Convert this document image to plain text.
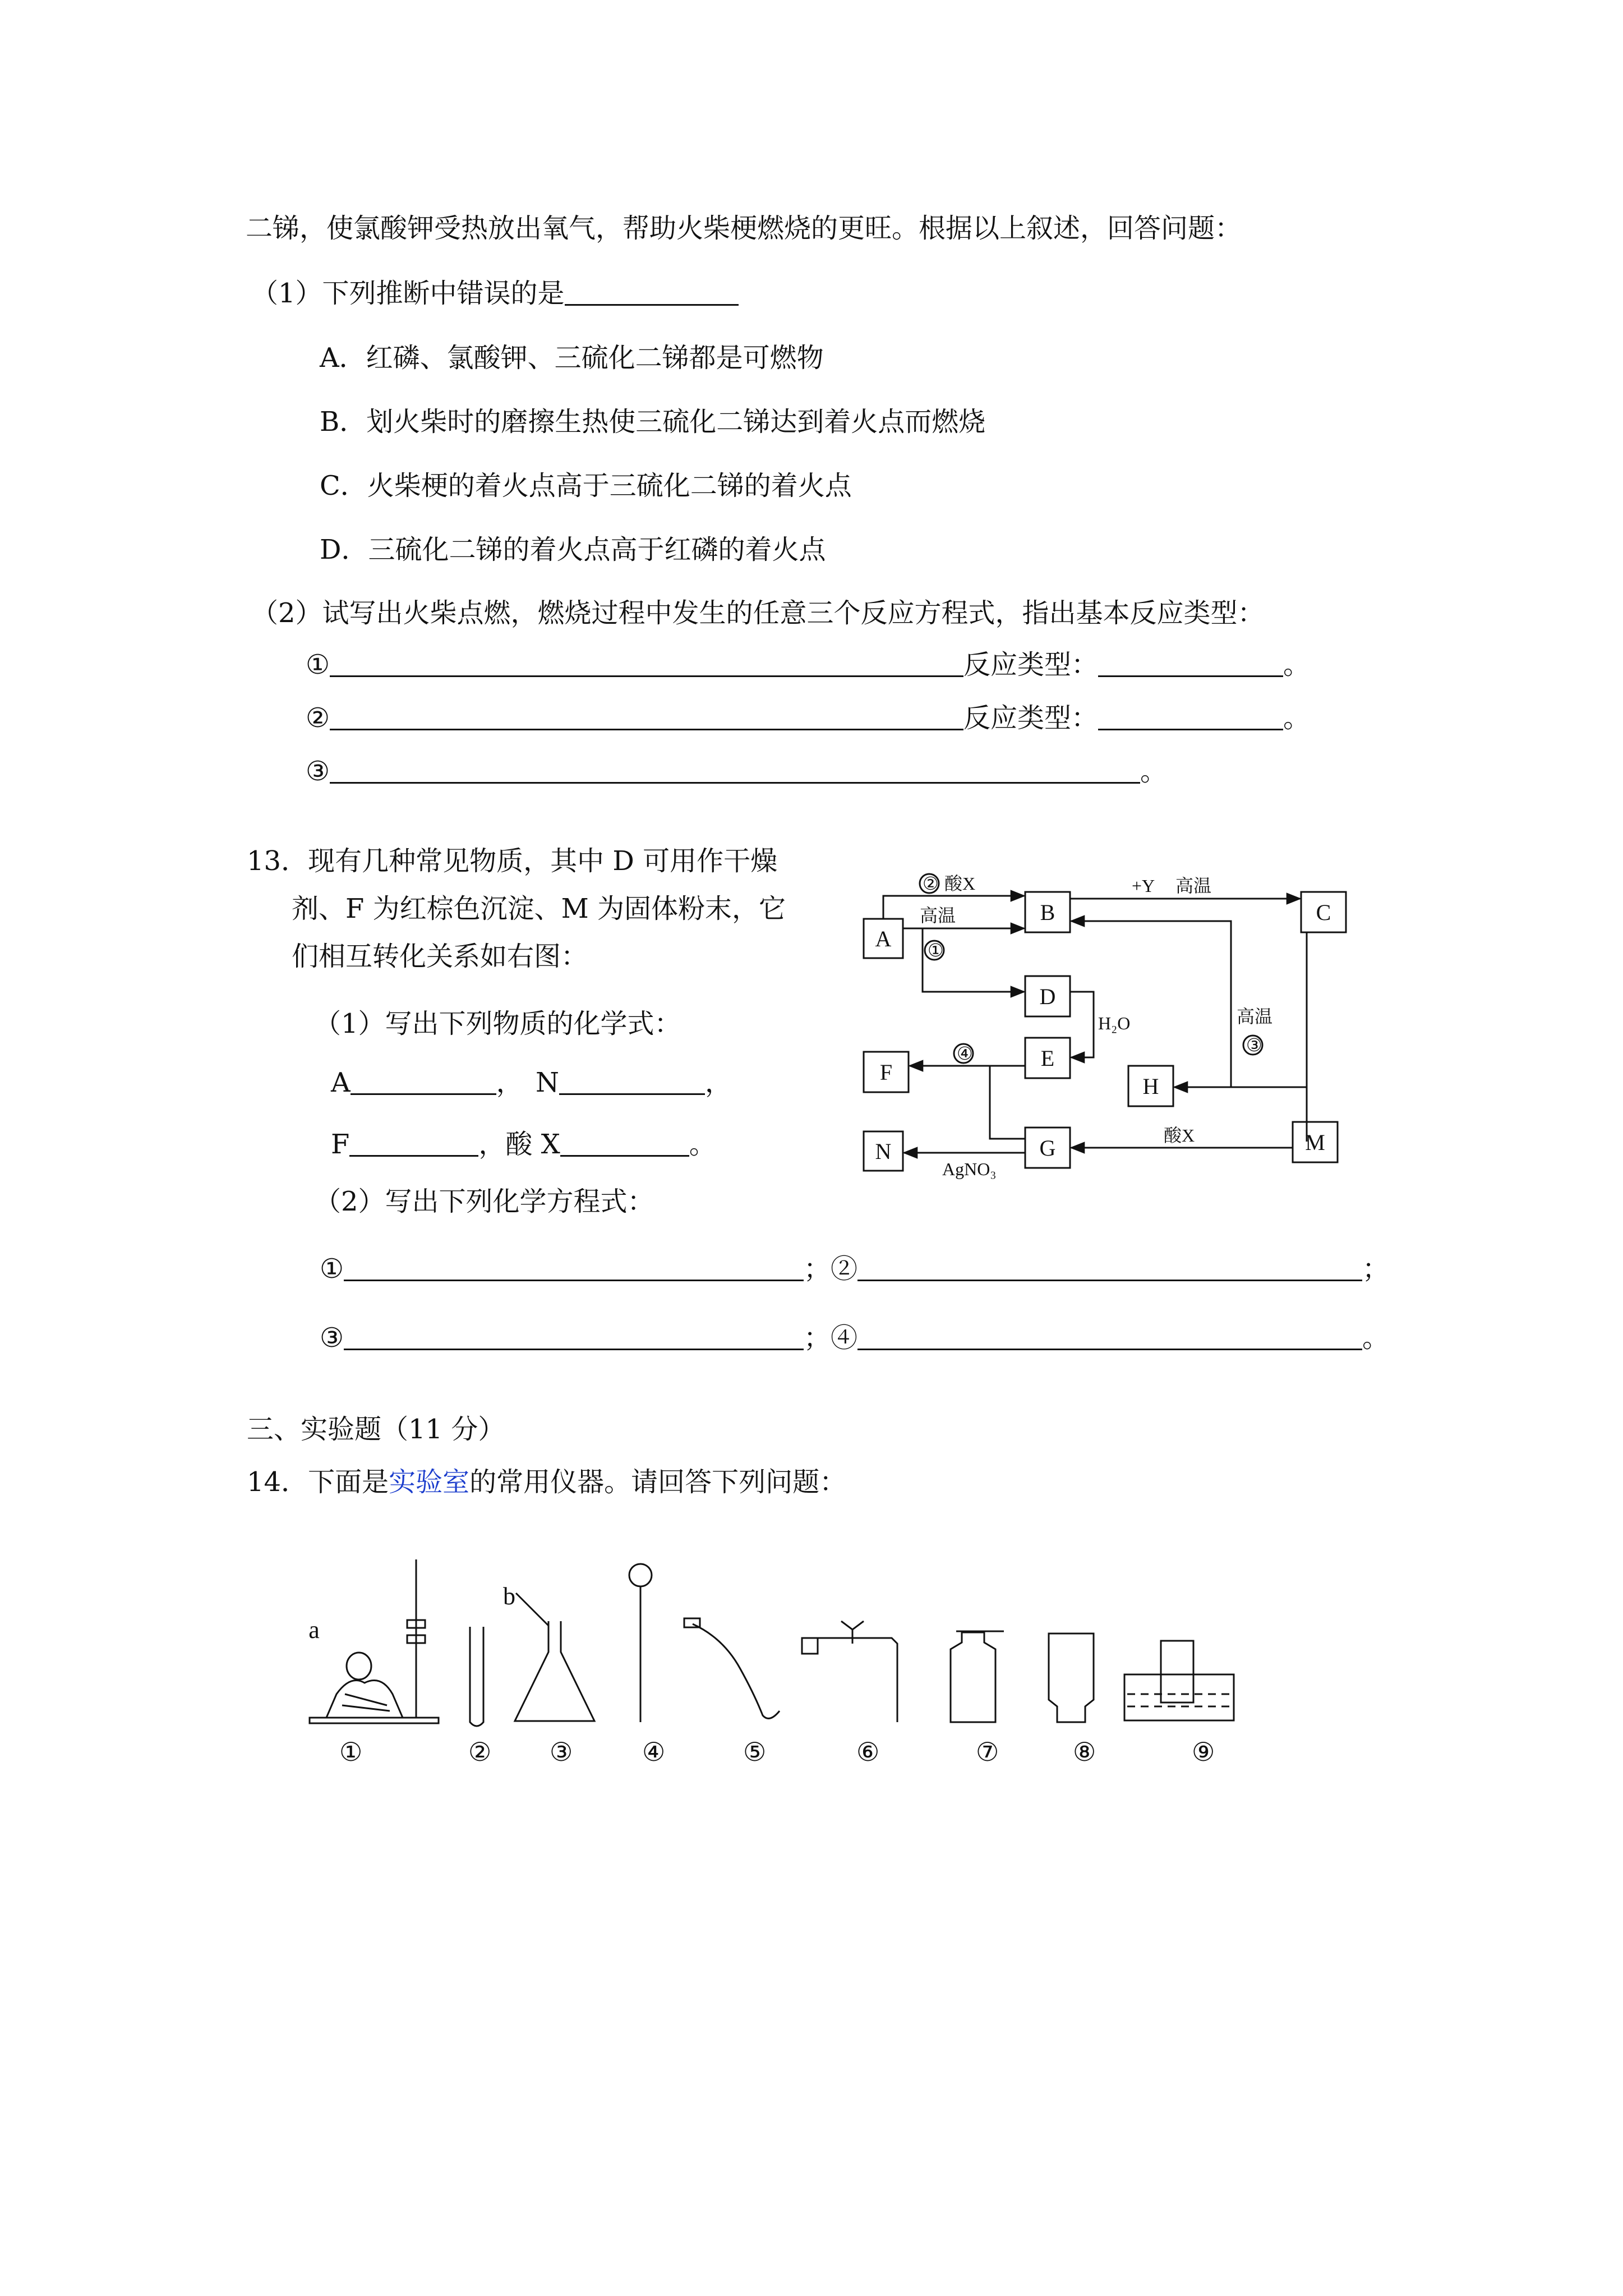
二锑，使氯酸钾受热放出氧气，帮助火柴梗燃烧的更旺。根据以上叙述，回答问题：
（1）下列推断中错误的是
A．红磷、氯酸钾、三硫化二锑都是可燃物
B．划火柴时的磨擦生热使三硫化二锑达到着火点而燃烧
C．火柴梗的着火点高于三硫化二锑的着火点
D．三硫化二锑的着火点高于红磷的着火点
（2）试写出火柴点燃，燃烧过程中发生的任意三个反应方程式，指出基本反应类型：
①	反应类型：	。
②	反应类型：	。
③	。
13．现有几种常见物质，其中 D 可用作干燥
剂、F 为红棕色沉淀、M 为固体粉末，它
们相互转化关系如右图：
（1）写出下列物质的化学式：
A	， N	，
F	，酸 X	。
（2）写出下列化学方程式：
①	；②	；
③	；④	。
A
B	C
D
E
H
F
G	M
N
② 酸X
高温
①
+Y 高温
H₂O
④
高温
③
酸X
AgNO₃
三、实验题（11 分）
14．下面是实验室的常用仪器。请回答下列问题：
a
b
①	② ③	④	⑤	⑥	⑦	⑧	⑨
